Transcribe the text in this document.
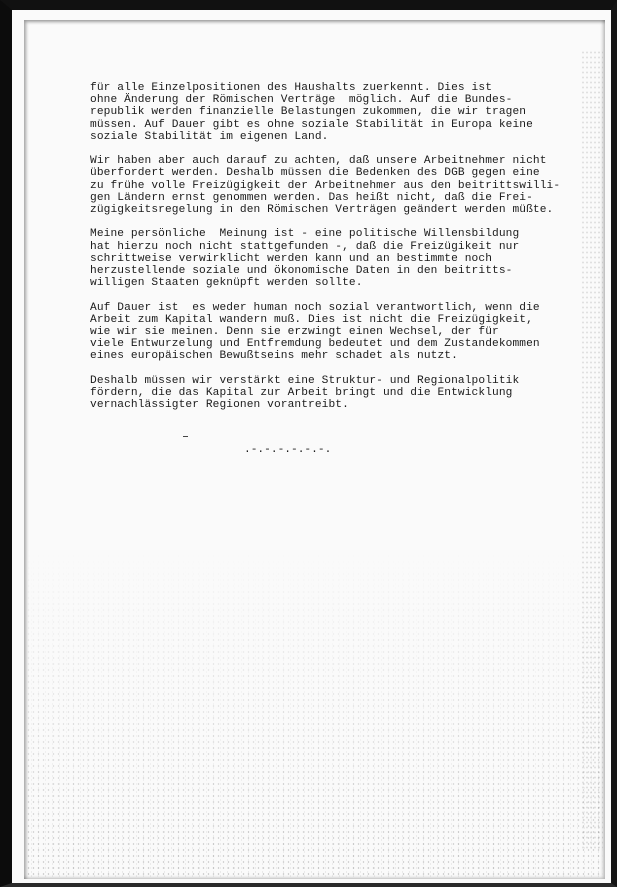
für alle Einzelpositionen des Haushalts zuerkennt. Dies ist
ohne Änderung der Römischen Verträge  möglich. Auf die Bundes-
republik werden finanzielle Belastungen zukommen, die wir tragen
müssen. Auf Dauer gibt es ohne soziale Stabilität in Europa keine
soziale Stabilität im eigenen Land.
Wir haben aber auch darauf zu achten, daß unsere Arbeitnehmer nicht
überfordert werden. Deshalb müssen die Bedenken des DGB gegen eine
zu frühe volle Freizügigkeit der Arbeitnehmer aus den beitrittswilli-
gen Ländern ernst genommen werden. Das heißt nicht, daß die Frei-
zügigkeitsregelung in den Römischen Verträgen geändert werden müßte.
Meine persönliche  Meinung ist - eine politische Willensbildung
hat hierzu noch nicht stattgefunden -, daß die Freizügikeit nur
schrittweise verwirklicht werden kann und an bestimmte noch
herzustellende soziale und ökonomische Daten in den beitritts-
willigen Staaten geknüpft werden sollte.
Auf Dauer ist  es weder human noch sozial verantwortlich, wenn die
Arbeit zum Kapital wandern muß. Dies ist nicht die Freizügigkeit,
wie wir sie meinen. Denn sie erzwingt einen Wechsel, der für
viele Entwurzelung und Entfremdung bedeutet und dem Zustandekommen
eines europäischen Bewußtseins mehr schadet als nutzt.
Deshalb müssen wir verstärkt eine Struktur- und Regionalpolitik
fördern, die das Kapital zur Arbeit bringt und die Entwicklung
vernachlässigter Regionen vorantreibt.
.-.-.-.-.-.-.
